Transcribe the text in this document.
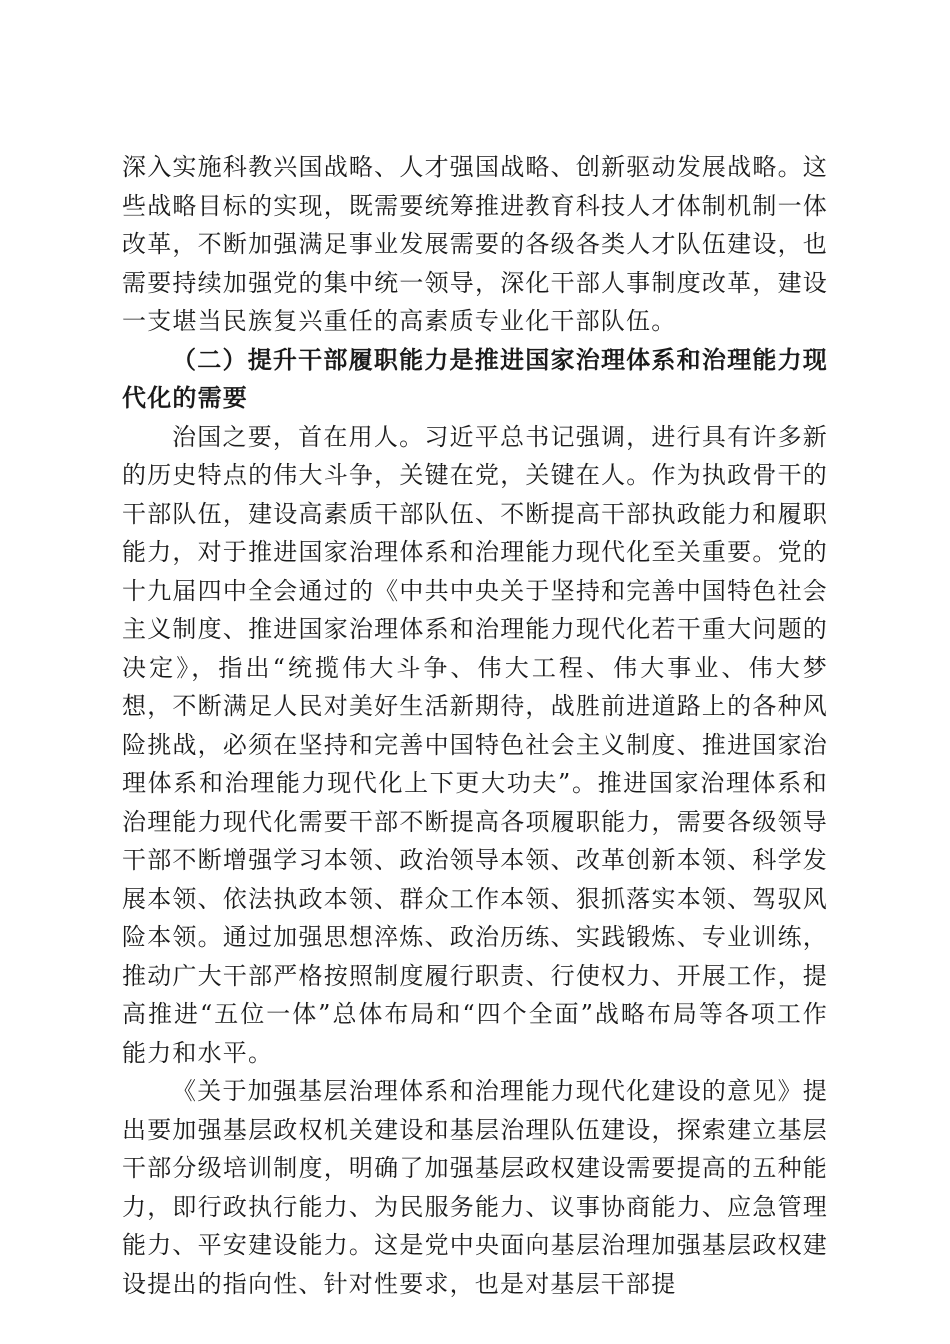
深入实施科教兴国战略、人才强国战略、创新驱动发展战略。这些战略目标的实现，既需要统筹推进教育科技人才体制机制一体改革，不断加强满足事业发展需要的各级各类人才队伍建设，也需要持续加强党的集中统一领导，深化干部人事制度改革，建设一支堪当民族复兴重任的高素质专业化干部队伍。

（二）提升干部履职能力是推进国家治理体系和治理能力现代化的需要

治国之要，首在用人。习近平总书记强调，进行具有许多新的历史特点的伟大斗争，关键在党，关键在人。作为执政骨干的干部队伍，建设高素质干部队伍、不断提高干部执政能力和履职能力，对于推进国家治理体系和治理能力现代化至关重要。党的十九届四中全会通过的《中共中央关于坚持和完善中国特色社会主义制度、推进国家治理体系和治理能力现代化若干重大问题的决定》，指出“统揽伟大斗争、伟大工程、伟大事业、伟大梦想，不断满足人民对美好生活新期待，战胜前进道路上的各种风险挑战，必须在坚持和完善中国特色社会主义制度、推进国家治理体系和治理能力现代化上下更大功夫”。推进国家治理体系和治理能力现代化需要干部不断提高各项履职能力，需要各级领导干部不断增强学习本领、政治领导本领、改革创新本领、科学发展本领、依法执政本领、群众工作本领、狠抓落实本领、驾驭风险本领。通过加强思想淬炼、政治历练、实践锻炼、专业训练，推动广大干部严格按照制度履行职责、行使权力、开展工作，提高推进“五位一体”总体布局和“四个全面”战略布局等各项工作能力和水平。

《关于加强基层治理体系和治理能力现代化建设的意见》提出要加强基层政权机关建设和基层治理队伍建设，探索建立基层干部分级培训制度，明确了加强基层政权建设需要提高的五种能力，即行政执行能力、为民服务能力、议事协商能力、应急管理能力、平安建设能力。这是党中央面向基层治理加强基层政权建设提出的指向性、针对性要求，也是对基层干部提
